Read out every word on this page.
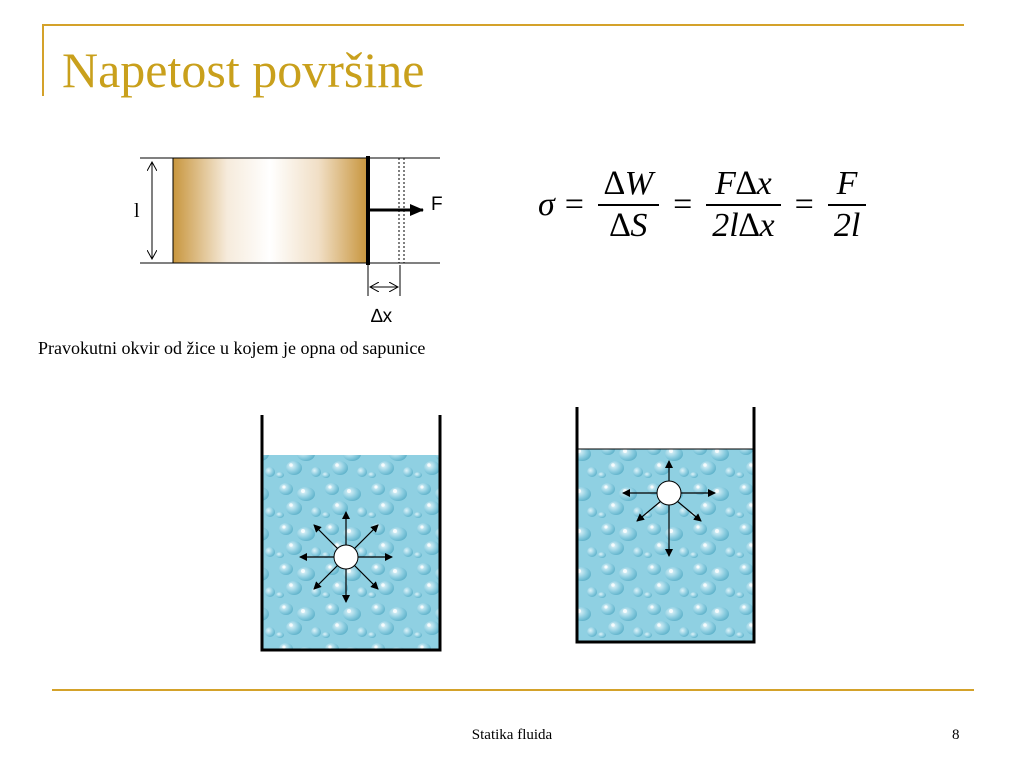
Napetost površine
l	F
∆x
$\sigma = \frac{\Delta W}{\Delta S} = \frac{F\Delta x}{2l\Delta x} = \frac{F}{2l}$
Pravokutni okvir od žice u kojem je opna od sapunice
Statika fluida	8
